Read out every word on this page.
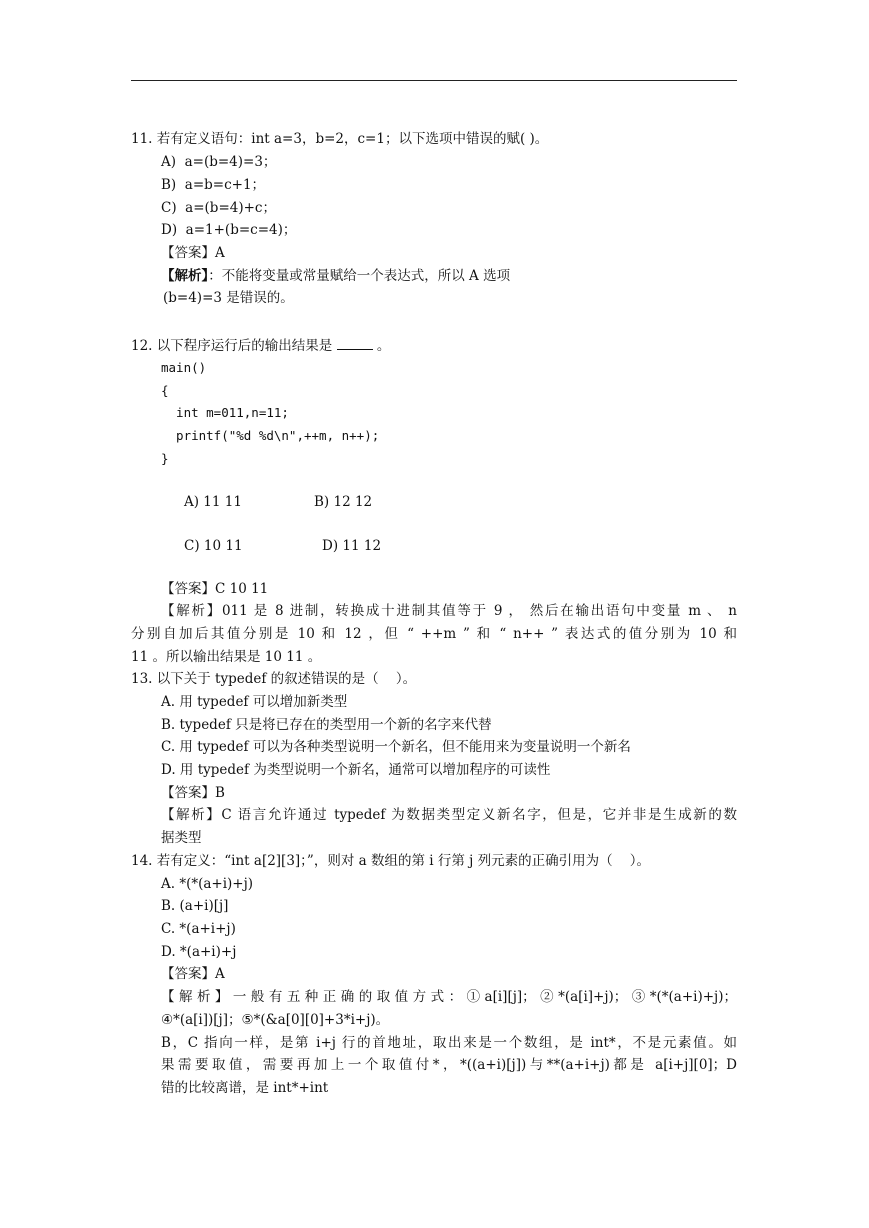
11. 若有定义语句：int a=3，b=2，c=1；以下选项中错误的赋( )。
A)  a=(b=4)=3；
B)  a=b=c+1；
C)  a=(b=4)+c；
D)  a=1+(b=c=4)；
【答案】A
【解析】：不能将变量或常量赋给一个表达式，所以 A 选项
(b=4)=3 是错误的。
12. 以下程序运行后的输出结果是	。
main()
{
int m=011,n=11;
printf("%d %d\n",++m, n++);
}
A) 11 11	B) 12 12
C) 10 11	D) 11 12
【答案】C 10 11
【解析】011 是 8 进制，转换成十进制其值等于 9 ， 然后在输出语句中变量 m 、 n
分别自加后其值分别是 10 和 12 ，但 “ ++m ” 和 “ n++ ” 表达式的值分别为 10 和
11 。所以输出结果是 10 11 。
13. 以下关于 typedef 的叙述错误的是（    ）。
A. 用 typedef 可以增加新类型
B. typedef 只是将已存在的类型用一个新的名字来代替
C. 用 typedef 可以为各种类型说明一个新名，但不能用来为变量说明一个新名
D. 用 typedef 为类型说明一个新名，通常可以增加程序的可读性
【答案】B
【解析】C 语言允许通过 typedef 为数据类型定义新名字，但是，它并非是生成新的数
据类型
14. 若有定义：“int a[2][3]；”，则对 a 数组的第 i 行第 j 列元素的正确引用为（    ）。
A. *(*(a+i)+j)
B. (a+i)[j]
C. *(a+i+j)
D. *(a+i)+j
【答案】A
【解析】一般有五种正确的取值方式：①a[i][j]；②*(a[i]+j)；③*(*(a+i)+j)；
④*(a[i])[j]；⑤*(&a[0][0]+3*i+j)。
B，C 指向一样，是第 i+j 行的首地址，取出来是一个数组，是 int*，不是元素值。如
果需要取值，需要再加上一个取值付*，*((a+i)[j])与**(a+i+j)都是 a[i+j][0]；D
错的比较离谱，是 int*+int
